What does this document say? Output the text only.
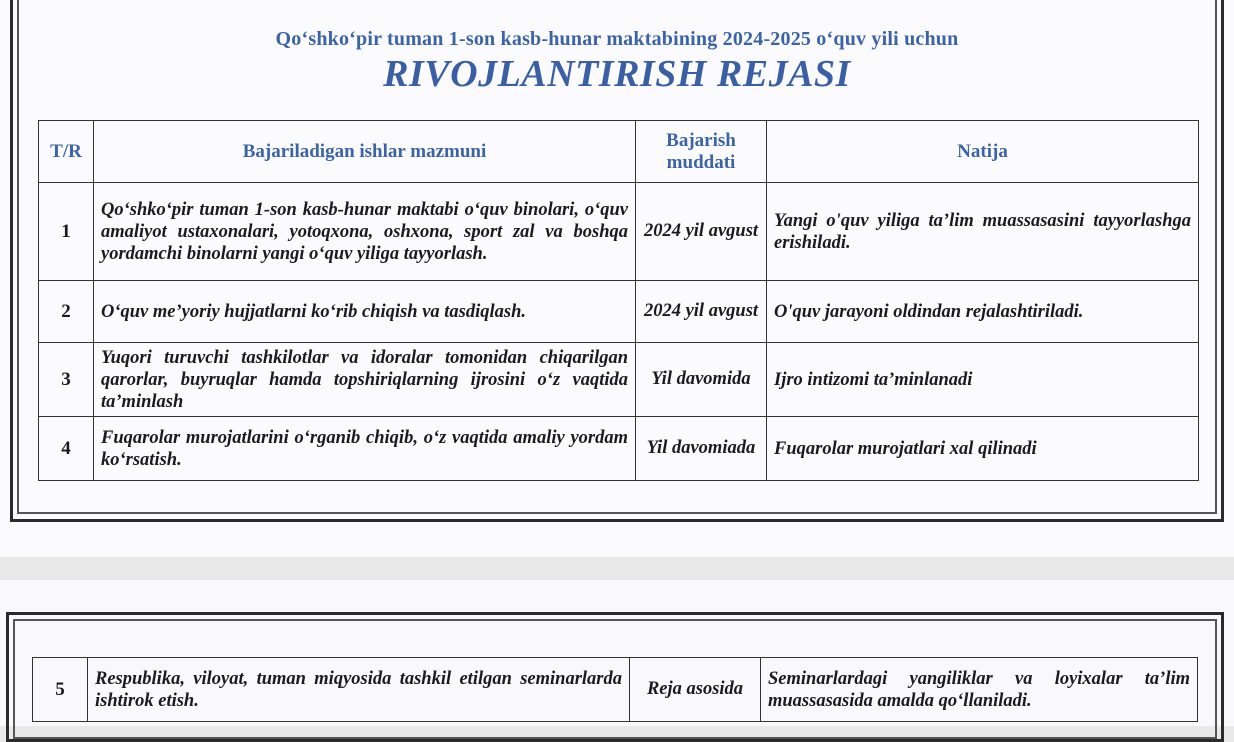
Qo‘shko‘pir tuman 1-son kasb-hunar maktabining 2024-2025 o‘quv yili uchun
RIVOJLANTIRISH REJASI
T/R	Bajariladigan ishlar mazmuni	Bajarish muddati	Natija
1	Qo‘shko‘pir tuman 1-son kasb-hunar maktabi o‘quv binolari, o‘quv amaliyot ustaxonalari, yotoqxona, oshxona, sport zal va boshqa yordamchi binolarni yangi o‘quv yiliga tayyorlash.	2024 yil avgust	Yangi o'quv yiliga ta’lim muassasasini tayyorlashga erishiladi.
2	O‘quv me’yoriy hujjatlarni ko‘rib chiqish va tasdiqlash.	2024 yil avgust	O'quv jarayoni oldindan rejalashtiriladi.
3	Yuqori turuvchi tashkilotlar va idoralar tomonidan chiqarilgan qarorlar, buyruqlar hamda topshiriqlarning ijrosini o‘z vaqtida ta’minlash	Yil davomida	Ijro intizomi ta’minlanadi
4	Fuqarolar murojatlarini o‘rganib chiqib, o‘z vaqtida amaliy yordam ko‘rsatish.	Yil davomiada	Fuqarolar murojatlari xal qilinadi
5	Respublika, viloyat, tuman miqyosida tashkil etilgan seminarlarda ishtirok etish.	Reja asosida	Seminarlardagi yangiliklar va loyixalar ta’lim muassasasida amalda qo‘llaniladi.
